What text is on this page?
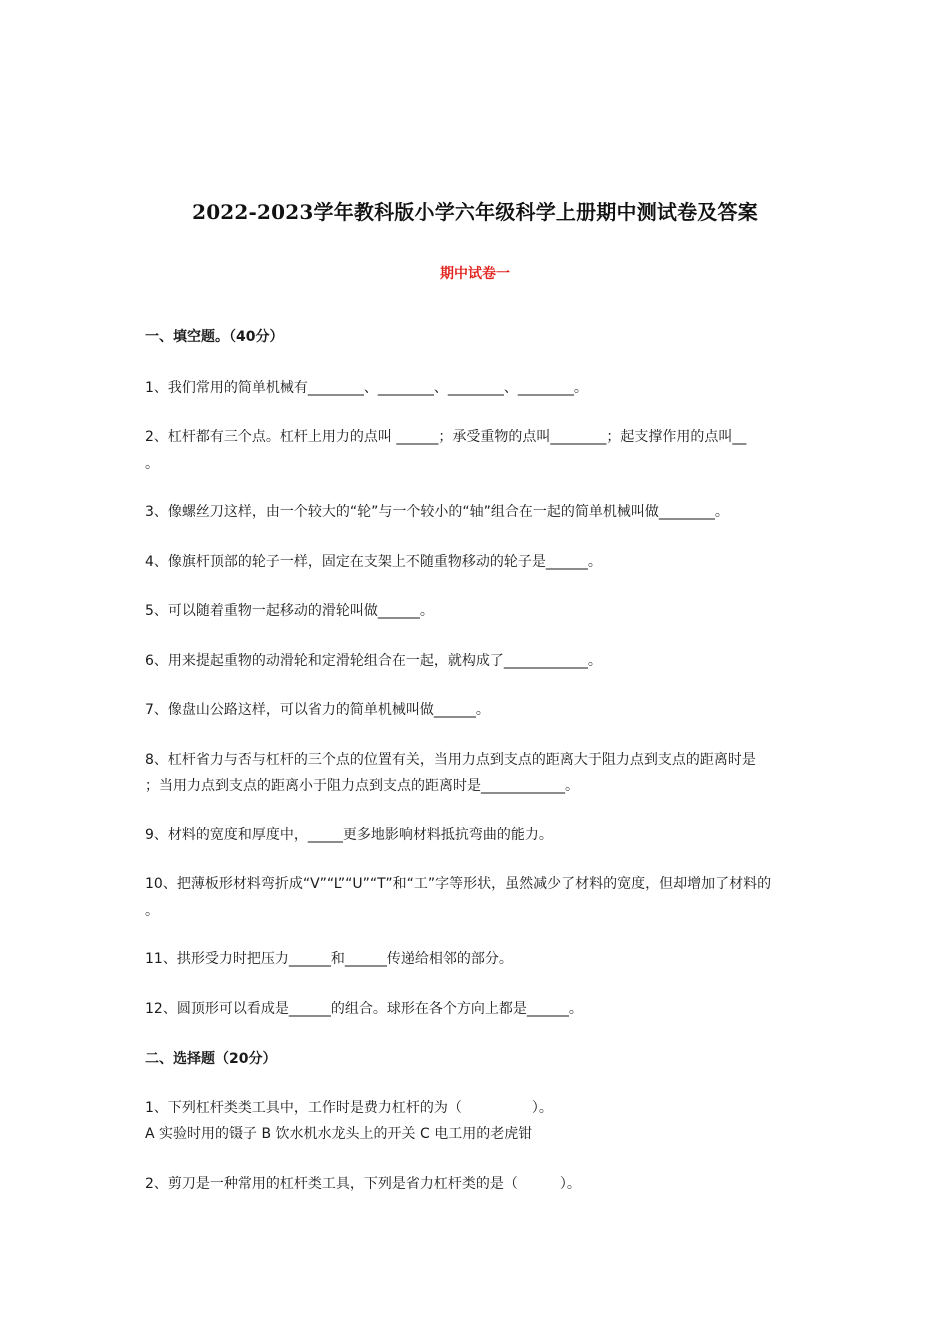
2022-2023学年教科版小学六年级科学上册期中测试卷及答案
期中试卷一
一、填空题。（40分）
1、我们常用的简单机械有________、________、________、________。
2、杠杆都有三个点。杠杆上用力的点叫 ______；承受重物的点叫________；起支撑作用的点叫__
。
3、像螺丝刀这样，由一个较大的“轮”与一个较小的“轴”组合在一起的简单机械叫做________。
4、像旗杆顶部的轮子一样，固定在支架上不随重物移动的轮子是______。
5、可以随着重物一起移动的滑轮叫做______。
6、用来提起重物的动滑轮和定滑轮组合在一起，就构成了____________。
7、像盘山公路这样，可以省力的简单机械叫做______。
8、杠杆省力与否与杠杆的三个点的位置有关，当用力点到支点的距离大于阻力点到支点的距离时是
；当用力点到支点的距离小于阻力点到支点的距离时是____________。
9、材料的宽度和厚度中，_____更多地影响材料抵抗弯曲的能力。
10、把薄板形材料弯折成“V”“L”“U”“T”和“工”字等形状，虽然减少了材料的宽度，但却增加了材料的
。
11、拱形受力时把压力______和______传递给相邻的部分。
12、圆顶形可以看成是______的组合。球形在各个方向上都是______。
二、选择题（20分）
1、下列杠杆类类工具中，工作时是费力杠杆的为（　　　　　）。
A 实验时用的镊子 B 饮水机水龙头上的开关 C 电工用的老虎钳
2、剪刀是一种常用的杠杆类工具，下列是省力杠杆类的是（　　　）。
